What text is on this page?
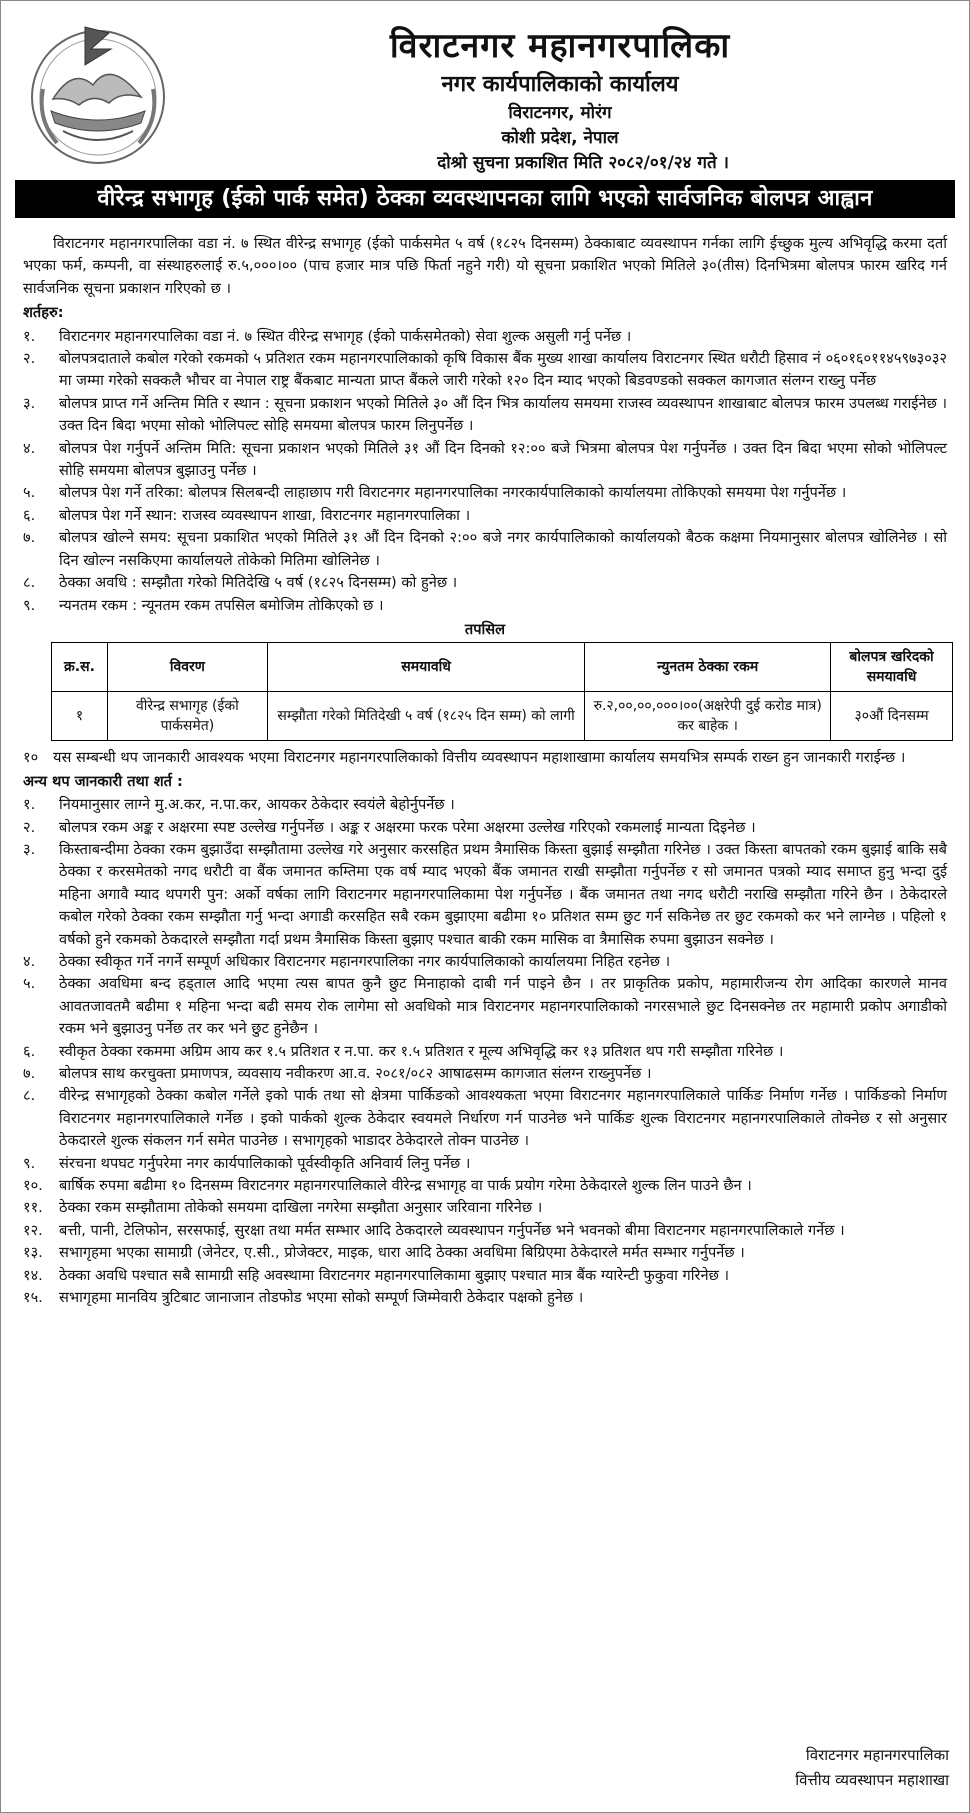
विराटनगर महानगरपालिका
नगर कार्यपालिकाको कार्यालय
विराटनगर, मोरंग
कोशी प्रदेश, नेपाल
दोश्रो सुचना प्रकाशित मिति २०८२/०१/२४ गते ।
वीरेन्द्र सभागृह (ईको पार्क समेत) ठेक्का व्यवस्थापनका लागि भएको सार्वजनिक बोलपत्र आह्वान

विराटनगर महानगरपालिका वडा नं. ७ स्थित वीरेन्द्र सभागृह (ईको पार्कसमेत ५ वर्ष (१८२५ दिनसम्म) ठेक्काबाट व्यवस्थापन गर्नका लागि ईच्छुक मुल्य अभिवृद्धि करमा दर्ता भएका फर्म, कम्पनी, वा संस्थाहरुलाई रु.५,०००।०० (पाच हजार मात्र पछि फिर्ता नहुने गरी) यो सूचना प्रकाशित भएको मितिले ३०(तीस) दिनभित्रमा बोलपत्र फारम खरिद गर्न सार्वजनिक सूचना प्रकाशन गरिएको छ ।

शर्तहरु:
१.	विराटनगर महानगरपालिका वडा नं. ७ स्थित वीरेन्द्र सभागृह (ईको पार्कसमेतको) सेवा शुल्क असुली गर्नु पर्नेछ ।
२.	बोलपत्रदाताले कबोल गरेको रकमको ५ प्रतिशत रकम महानगरपालिकाको कृषि विकास बैंक मुख्य शाखा कार्यालय विराटनगर स्थित धरौटी हिसाव नं ०६०१६०११४५९७३०३२ मा जम्मा गरेको सक्कलै भौचर वा नेपाल राष्ट्र बैंकबाट मान्यता प्राप्त बैंकले जारी गरेको १२० दिन म्याद भएको बिडवण्डको सक्कल कागजात संलग्न राख्नु पर्नेछ
३.	बोलपत्र प्राप्त गर्ने अन्तिम मिति र स्थान : सूचना प्रकाशन भएको मितिले ३० औं दिन भित्र कार्यालय समयमा राजस्व व्यवस्थापन शाखाबाट बोलपत्र फारम उपलब्ध गराईनेछ । उक्त दिन बिदा भएमा सोको भोलिपल्ट सोहि समयमा बोलपत्र फारम लिनुपर्नेछ ।
४.	बोलपत्र पेश गर्नुपर्ने अन्तिम मिति: सूचना प्रकाशन भएको मितिले ३१ औं दिन दिनको १२:०० बजे भित्रमा बोलपत्र पेश गर्नुपर्नेछ । उक्त दिन बिदा भएमा सोको भोलिपल्ट सोहि समयमा बोलपत्र बुझाउनु पर्नेछ ।
५.	बोलपत्र पेश गर्ने तरिका: बोलपत्र सिलबन्दी लाहाछाप गरी विराटनगर महानगरपालिका नगरकार्यपालिकाको कार्यालयमा तोकिएको समयमा पेश गर्नुपर्नेछ ।
६.	बोलपत्र पेश गर्ने स्थान: राजस्व व्यवस्थापन शाखा, विराटनगर महानगरपालिका ।
७.	बोलपत्र खोल्ने समय: सूचना प्रकाशित भएको मितिले ३१ औं दिन दिनको २:०० बजे नगर कार्यपालिकाको कार्यालयको बैठक कक्षमा नियमानुसार बोलपत्र खोलिनेछ । सो दिन खोल्न नसकिएमा कार्यालयले तोकेको मितिमा खोलिनेछ ।
८.	ठेक्का अवधि : सम्झौता गरेको मितिदेखि ५ वर्ष (१८२५ दिनसम्म) को हुनेछ ।
९.	न्यनतम रकम : न्यूनतम रकम तपसिल बमोजिम तोकिएको छ ।
तपसिल
क्र.स.	विवरण	समयावधि	न्युनतम ठेक्का रकम	बोलपत्र खरिदको समयावधि
१	वीरेन्द्र सभागृह (ईको पार्कसमेत)	सम्झौता गरेको मितिदेखी ५ वर्ष (१८२५ दिन सम्म) को लागी	रु.२,००,००,०००।००(अक्षरेपी दुई करोड मात्र) कर बाहेक ।	३०औं दिनसम्म
१०	यस सम्बन्धी थप जानकारी आवश्यक भएमा विराटनगर महानगरपालिकाको वित्तीय व्यवस्थापन महाशाखामा कार्यालय समयभित्र सम्पर्क राख्न हुन जानकारी गराईन्छ ।
अन्य थप जानकारी तथा शर्त :
१.	नियमानुसार लाग्ने मु.अ.कर, न.पा.कर, आयकर ठेकेदार स्वयंले बेहोर्नुपर्नेछ ।
२.	बोलपत्र रकम अङ्क र अक्षरमा स्पष्ट उल्लेख गर्नुपर्नेछ । अङ्क र अक्षरमा फरक परेमा अक्षरमा उल्लेख गरिएको रकमलाई मान्यता दिइनेछ ।
३.	किस्ताबन्दीमा ठेक्का रकम बुझाउँदा सम्झौतामा उल्लेख गरे अनुसार करसहित प्रथम त्रैमासिक किस्ता बुझाई सम्झौता गरिनेछ । उक्त किस्ता बापतको रकम बुझाई बाकि सबै ठेक्का र करसमेतको नगद धरौटी वा बैंक जमानत कम्तिमा एक वर्ष म्याद भएको बैंक जमानत राखी सम्झौता गर्नुपर्नेछ र सो जमानत पत्रको म्याद समाप्त हुनु भन्दा दुई महिना अगावै म्याद थपगरी पुन: अर्को वर्षका लागि विराटनगर महानगरपालिकामा पेश गर्नुपर्नेछ । बैंक जमानत तथा नगद धरौटी नराखि सम्झौता गरिने छैन । ठेकेदारले कबोल गरेको ठेक्का रकम सम्झौता गर्नु भन्दा अगाडी करसहित सबै रकम बुझाएमा बढीमा १० प्रतिशत सम्म छुट गर्न सकिनेछ तर छुट रकमको कर भने लाग्नेछ । पहिलो १ वर्षको हुने रकमको ठेकदारले सम्झौता गर्दा प्रथम त्रैमासिक किस्ता बुझाए पश्चात बाकी रकम मासिक वा त्रैमासिक रुपमा बुझाउन सक्नेछ ।
४.	ठेक्का स्वीकृत गर्ने नगर्ने सम्पूर्ण अधिकार विराटनगर महानगरपालिका नगर कार्यपालिकाको कार्यालयमा निहित रहनेछ ।
५.	ठेक्का अवधिमा बन्द हड्ताल आदि भएमा त्यस बापत कुनै छुट मिनाहाको दाबी गर्न पाइने छैन । तर प्राकृतिक प्रकोप, महामारीजन्य रोग आदिका कारणले मानव आवतजावतमै बढीमा १ महिना भन्दा बढी समय रोक लागेमा सो अवधिको मात्र विराटनगर महानगरपालिकाको नगरसभाले छुट दिनसक्नेछ तर महामारी प्रकोप अगाडीको रकम भने बुझाउनु पर्नेछ तर कर भने छुट हुनेछैन ।
६.	स्वीकृत ठेक्का रकममा अग्रिम आय कर १.५ प्रतिशत र न.पा. कर १.५ प्रतिशत र मूल्य अभिवृद्धि कर १३ प्रतिशत थप गरी सम्झौता गरिनेछ ।
७.	बोलपत्र साथ करचुक्ता प्रमाणपत्र, व्यवसाय नवीकरण आ.व. २०८१/०८२ आषाढसम्म कागजात संलग्न राख्नुपर्नेछ ।
८.	वीरेन्द्र सभागृहको ठेक्का कबोल गर्नेले इको पार्क तथा सो क्षेत्रमा पार्किङको आवश्यकता भएमा विराटनगर महानगरपालिकाले पार्किङ निर्माण गर्नेछ । पार्किङको निर्माण विराटनगर महानगरपालिकाले गर्नेछ । इको पार्कको शुल्क ठेकेदार स्वयमले निर्धारण गर्न पाउनेछ भने पार्किङ शुल्क विराटनगर महानगरपालिकाले तोक्नेछ र सो अनुसार ठेकदारले शुल्क संकलन गर्न समेत पाउनेछ । सभागृहको भाडादर ठेकेदारले तोक्न पाउनेछ ।
९.	संरचना थपघट गर्नुपरेमा नगर कार्यपालिकाको पूर्वस्वीकृति अनिवार्य लिनु पर्नेछ ।
१०.	बार्षिक रुपमा बढीमा १० दिनसम्म विराटनगर महानगरपालिकाले वीरेन्द्र सभागृह वा पार्क प्रयोग गरेमा ठेकेदारले शुल्क लिन पाउने छैन ।
११.	ठेक्का रकम सम्झौतामा तोकेको समयमा दाखिला नगरेमा सम्झौता अनुसार जरिवाना गरिनेछ ।
१२.	बत्ती, पानी, टेलिफोन, सरसफाई, सुरक्षा तथा मर्मत सम्भार आदि ठेकदारले व्यवस्थापन गर्नुपर्नेछ भने भवनको बीमा विराटनगर महानगरपालिकाले गर्नेछ ।
१३.	सभागृहमा भएका सामाग्री (जेनेटर, ए.सी., प्रोजेक्टर, माइक, धारा आदि ठेक्का अवधिमा बिग्रिएमा ठेकेदारले मर्मत सम्भार गर्नुपर्नेछ ।
१४.	ठेक्का अवधि पश्चात सबै सामाग्री सहि अवस्थामा विराटनगर महानगरपालिकामा बुझाए पश्चात मात्र बैंक ग्यारेन्टी फुकुवा गरिनेछ ।
१५.	सभागृहमा मानविय त्रुटिबाट जानाजान तोडफोड भएमा सोको सम्पूर्ण जिम्मेवारी ठेकेदार पक्षको हुनेछ ।
विराटनगर महानगरपालिका
वित्तीय व्यवस्थापन महाशाखा
